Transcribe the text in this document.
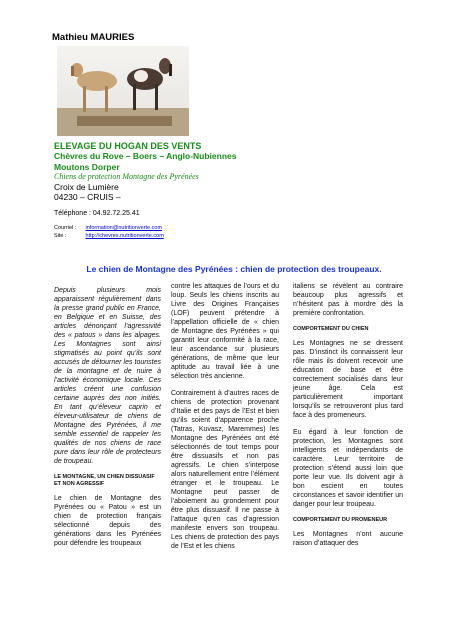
Mathieu MAURIES
ELEVAGE DU HOGAN DES VENTS
Chèvres du Rove – Boers – Anglo-Nubiennes
Moutons Dorper
Chiens de protection Montagne des Pyrénées
Croix de Lumière
04230 – CRUIS –
Téléphone : 04.92.72.25.41
Courriel : information@nutritionverte.com
Site :	http://chevres.nutritionverte.com
Le chien de Montagne des Pyrénées : chien de protection des troupeaux.

Depuis plusieurs mois apparaissent régulièrement dans la presse grand public en France, en Belgique et en Suisse, des articles dénonçant l’agressivité des « patous » dans les alpages. Les Montagnes sont ainsi stigmatisés au point qu’ils sont accusés de détourner les touristes de la montagne et de nuire à l’activité économique locale. Ces articles créent une confusion certaine auprès des non initiés. En tant qu’éleveur caprin et éleveur-utilisateur de chiens de Montagne des Pyrénées, il me semble essentiel de rappeler les qualités de nos chiens de race pure dans leur rôle de protecteurs de troupeau.

LE MONTAGNE, UN CHIEN DISSUASIF ET NON AGRESSIF

Le chien de Montagne des Pyrénées ou « Patou » est un chien de protection français sélectionné depuis des générations dans les Pyrénées pour défendre les troupeaux

contre les attaques de l’ours et du loup. Seuls les chiens inscrits au Livre des Origines Françaises (LOF) peuvent prétendre à l’appellation officielle de « chien de Montagne des Pyrénées » qui garantit leur conformité à la race, leur ascendance sur plusieurs générations, de même que leur aptitude au travail liée à une sélection très ancienne.

Contrairement à d’autres races de chiens de protection provenant d’Italie et des pays de l’Est et bien qu’ils soient d’apparence proche (Tatras, Kuvasz, Maremmes) les Montagne des Pyrénées ont été sélectionnés de tout temps pour être dissuasifs et non pas agressifs. Le chien s’interpose alors naturellement entre l’élément étranger et le troupeau. Le Montagne peut passer de l’aboiement au grondement pour être plus dissuasif. Il ne passe à l’attaque qu’en cas d’agression manifeste envers son troupeau. Les chiens de protection des pays de l’Est et les chiens

italiens se révèlent au contraire beaucoup plus agressifs et n’hésitent pas à mordre dès la première confrontation.

COMPORTEMENT DU CHIEN

Les Montagnes ne se dressent pas. D’instinct ils connaissent leur rôle mais ils doivent recevoir une éducation de base et être correctement socialisés dans leur jeune âge. Cela est particulièrement important lorsqu’ils se retrouveront plus tard face à des promeneurs.

Eu égard à leur fonction de protection, les Montagnes sont intelligents et indépendants de caractère. Leur territoire de protection s’étend aussi loin que porte leur vue. Ils doivent agir à bon escient en toutes circonstances et savoir identifier un danger pour leur troupeau.

COMPORTEMENT DU PROMENEUR

Les Montagnes n’ont aucune raison d’attaquer des
